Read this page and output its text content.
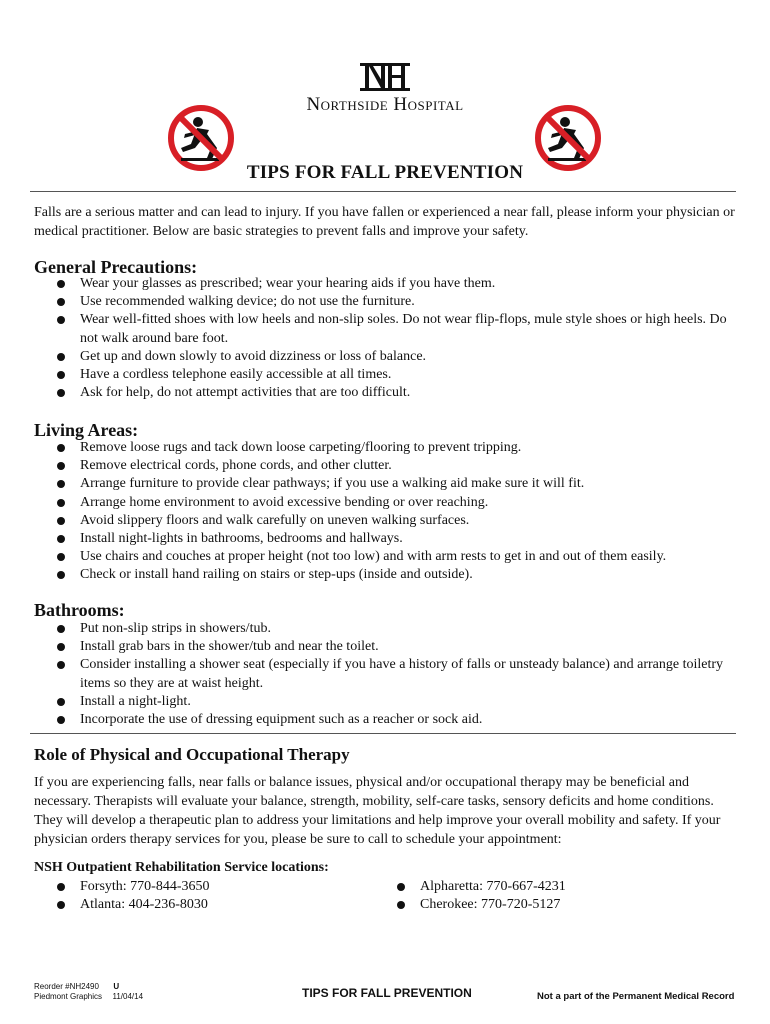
Northside Hospital
TIPS FOR FALL PREVENTION
Falls are a serious matter and can lead to injury. If you have fallen or experienced a near fall, please inform your physician or medical practitioner. Below are basic strategies to prevent falls and improve your safety.
General Precautions:
Wear your glasses as prescribed; wear your hearing aids if you have them.
Use recommended walking device; do not use the furniture.
Wear well-fitted shoes with low heels and non-slip soles. Do not wear flip-flops, mule style shoes or high heels. Do not walk around bare foot.
Get up and down slowly to avoid dizziness or loss of balance.
Have a cordless telephone easily accessible at all times.
Ask for help, do not attempt activities that are too difficult.
Living Areas:
Remove loose rugs and tack down loose carpeting/flooring to prevent tripping.
Remove electrical cords, phone cords, and other clutter.
Arrange furniture to provide clear pathways; if you use a walking aid make sure it will fit.
Arrange home environment to avoid excessive bending or over reaching.
Avoid slippery floors and walk carefully on uneven walking surfaces.
Install night-lights in bathrooms, bedrooms and hallways.
Use chairs and couches at proper height (not too low) and with arm rests to get in and out of them easily.
Check or install hand railing on stairs or step-ups (inside and outside).
Bathrooms:
Put non-slip strips in showers/tub.
Install grab bars in the shower/tub and near the toilet.
Consider installing a shower seat (especially if you have a history of falls or unsteady balance) and arrange toiletry items so they are at waist height.
Install a night-light.
Incorporate the use of dressing equipment such as a reacher or sock aid.
Role of Physical and Occupational Therapy
If you are experiencing falls, near falls or balance issues, physical and/or occupational therapy may be beneficial and necessary. Therapists will evaluate your balance, strength, mobility, self-care tasks, sensory deficits and home conditions. They will develop a therapeutic plan to address your limitations and help improve your overall mobility and safety. If your physician orders therapy services for you, please be sure to call to schedule your appointment:
NSH Outpatient Rehabilitation Service locations:
Forsyth: 770-844-3650
Atlanta: 404-236-8030
Alpharetta: 770-667-4231
Cherokee: 770-720-5127
Reorder #NH2490 U
Piedmont Graphics 11/04/14	TIPS FOR FALL PREVENTION	Not a part of the Permanent Medical Record
